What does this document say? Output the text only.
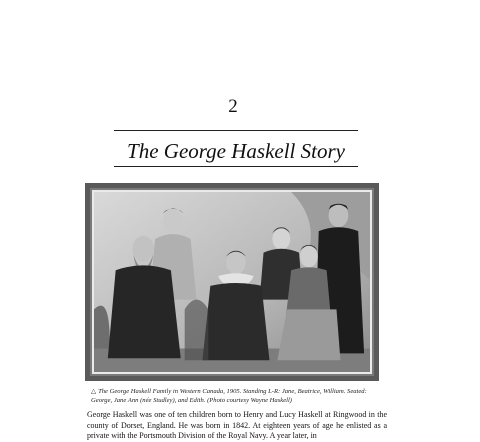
2
The George Haskell Story
△ The George Haskell Family in Western Canada, 1905. Standing L-R: Jane, Beatrice, William. Seated: George, Jane Ann (née Studley), and Edith. (Photo courtesy Wayne Haskell)
George Haskell was one of ten children born to Henry and Lucy Haskell at Ringwood in the county of Dorset, England. He was born in 1842. At eighteen years of age he enlisted as a private with the Portsmouth Division of the Royal Navy. A year later, in
